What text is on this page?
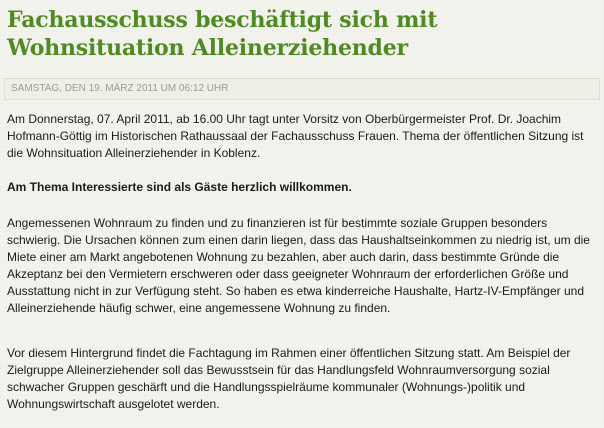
Fachausschuss beschäftigt sich mit Wohnsituation Alleinerziehender
SAMSTAG, DEN 19. MÄRZ 2011 UM 06:12 UHR

Am Donnerstag, 07. April 2011, ab 16.00 Uhr tagt unter Vorsitz von Oberbürgermeister Prof. Dr. Joachim Hofmann-Göttig im Historischen Rathaussaal der Fachausschuss Frauen. Thema der öffentlichen Sitzung ist die Wohnsituation Alleinerziehender in Koblenz.

Am Thema Interessierte sind als Gäste herzlich willkommen.

Angemessenen Wohnraum zu finden und zu finanzieren ist für bestimmte soziale Gruppen besonders schwierig. Die Ursachen können zum einen darin liegen, dass das Haushaltseinkommen zu niedrig ist, um die Miete einer am Markt angebotenen Wohnung zu bezahlen, aber auch darin, dass bestimmte Gründe die Akzeptanz bei den Vermietern erschweren oder dass geeigneter Wohnraum der erforderlichen Größe und Ausstattung nicht in zur Verfügung steht. So haben es etwa kinderreiche Haushalte, Hartz-IV-Empfänger und Alleinerziehende häufig schwer, eine angemessene Wohnung zu finden.

Vor diesem Hintergrund findet die Fachtagung im Rahmen einer öffentlichen Sitzung statt. Am Beispiel der Zielgruppe Alleinerziehender soll das Bewusstsein für das Handlungsfeld Wohnraumversorgung sozial schwacher Gruppen geschärft und die Handlungsspielräume kommunaler (Wohnungs-)politik und Wohnungswirtschaft ausgelotet werden.
